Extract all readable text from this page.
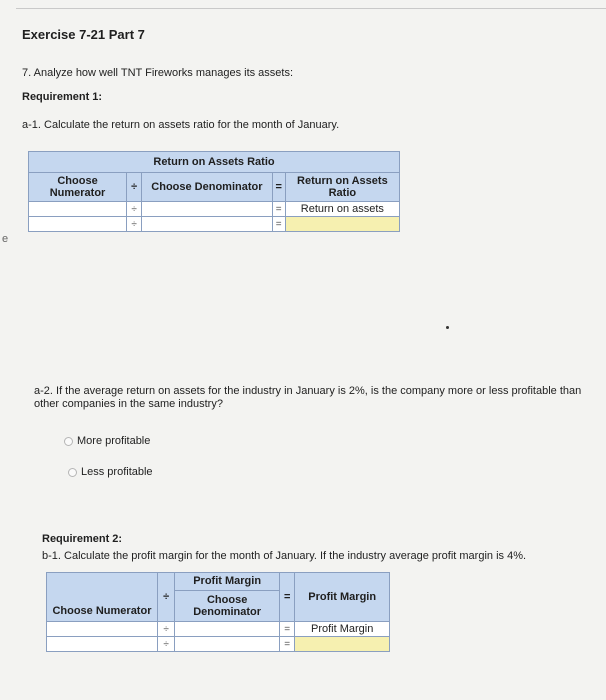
Exercise 7-21 Part 7
7. Analyze how well TNT Fireworks manages its assets:
Requirement 1:
a-1. Calculate the return on assets ratio for the month of January.
e
Return on Assets Ratio				
Choose Numerator	÷	Choose Denominator	=	Return on Assets Ratio
	÷		=	Return on assets
	÷		=	
a-2. If the average return on assets for the industry in January is 2%, is the company more or less profitable than other companies in the same industry?
More profitable
Less profitable
Requirement 2:
b-1. Calculate the profit margin for the month of January. If the industry average profit margin is 4%.
Choose Numerator	÷	Profit Margin	=	Profit Margin
		Choose Denominator		
	÷		=	Profit Margin
	÷		=	
